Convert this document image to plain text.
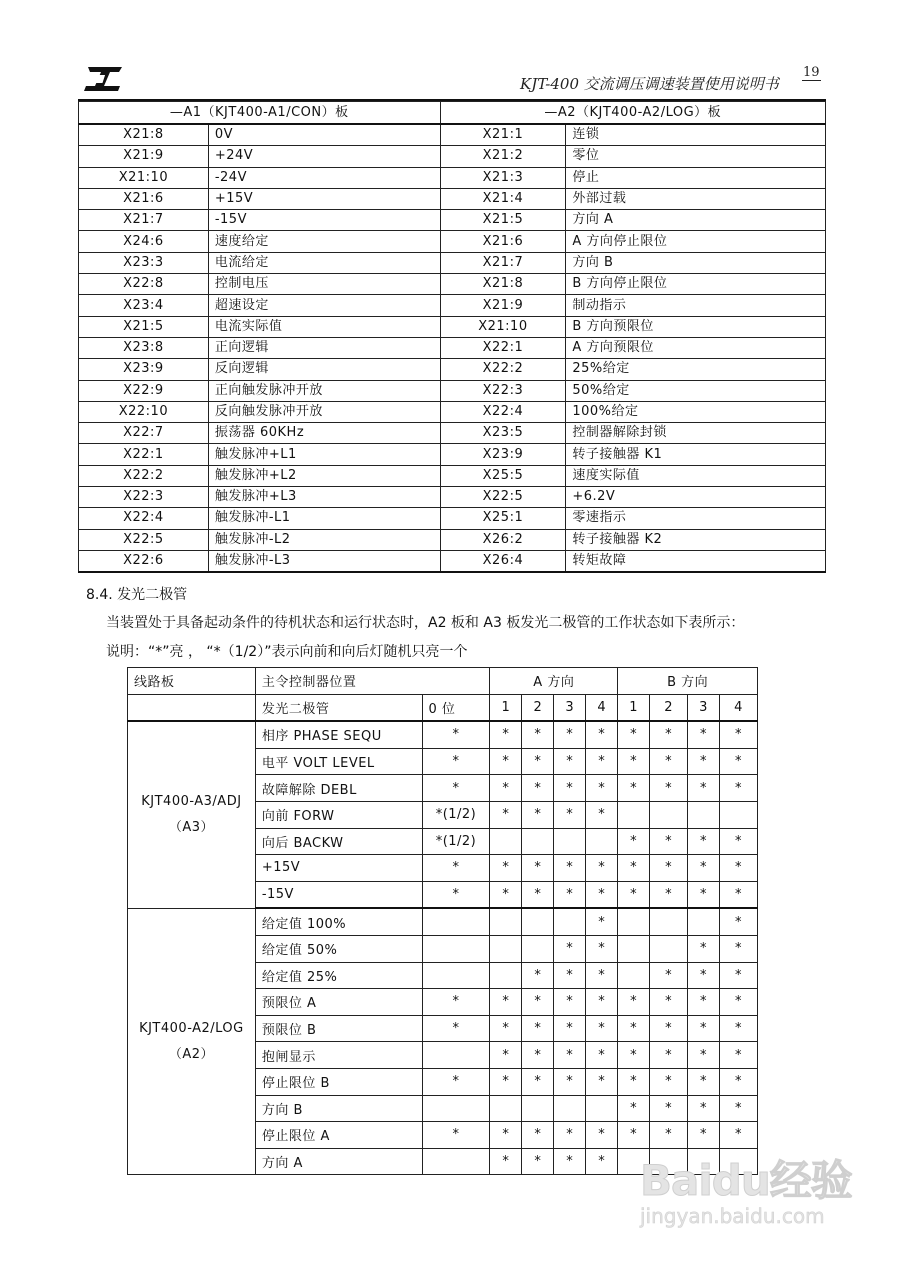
KJT-400 交流调压调速装置使用说明书
19
—A1（KJT400-A1/CON）板		—A2（KJT400-A2/LOG）板	
X21:8	0V	X21:1	连锁
X21:9	+24V	X21:2	零位
X21:10	-24V	X21:3	停止
X21:6	+15V	X21:4	外部过载
X21:7	-15V	X21:5	方向 A
X24:6	速度给定	X21:6	A 方向停止限位
X23:3	电流给定	X21:7	方向 B
X22:8	控制电压	X21:8	B 方向停止限位
X23:4	超速设定	X21:9	制动指示
X21:5	电流实际值	X21:10	B 方向预限位
X23:8	正向逻辑	X22:1	A 方向预限位
X23:9	反向逻辑	X22:2	25%给定
X22:9	正向触发脉冲开放	X22:3	50%给定
X22:10	反向触发脉冲开放	X22:4	100%给定
X22:7	振荡器 60KHz	X23:5	控制器解除封锁
X22:1	触发脉冲+L1	X23:9	转子接触器 K1
X22:2	触发脉冲+L2	X25:5	速度实际值
X22:3	触发脉冲+L3	X22:5	+6.2V
X22:4	触发脉冲-L1	X25:1	零速指示
X22:5	触发脉冲-L2	X26:2	转子接触器 K2
X22:6	触发脉冲-L3	X26:4	转矩故障
8.4. 发光二极管
当装置处于具备起动条件的待机状态和运行状态时，A2 板和 A3 板发光二极管的工作状态如下表所示：
说明：“*”亮 ， “*（1/2）”表示向前和向后灯随机只亮一个
线路板	主令控制器位置		A 方向				B 方向			
	发光二极管	0 位	1	2	3	4	1	2	3	4

KJT400-A3/ADJ
（A3）	相序 PHASE SEQU	*	*	*	*	*	*	*	*	*
	电平 VOLT LEVEL	*	*	*	*	*	*	*	*	*
	故障解除 DEBL	*	*	*	*	*	*	*	*	*
	向前 FORW	*(1/2)	*	*	*	*				
	向后 BACKW	*(1/2)					*	*	*	*
	+15V	*	*	*	*	*	*	*	*	*
	-15V	*	*	*	*	*	*	*	*	*

KJT400-A2/LOG
（A2）	给定值 100%					*				*
	给定值 50%				*	*			*	*
	给定值 25%			*	*	*		*	*	*
	预限位 A	*	*	*	*	*	*	*	*	*
	预限位 B	*	*	*	*	*	*	*	*	*
	抱闸显示		*	*	*	*	*	*	*	*
	停止限位 B	*	*	*	*	*	*	*	*	*
	方向 B						*	*	*	*
	停止限位 A	*	*	*	*	*	*	*	*	*
	方向 A		*	*	*	*				Baidu经验
jingyan.baidu.com
